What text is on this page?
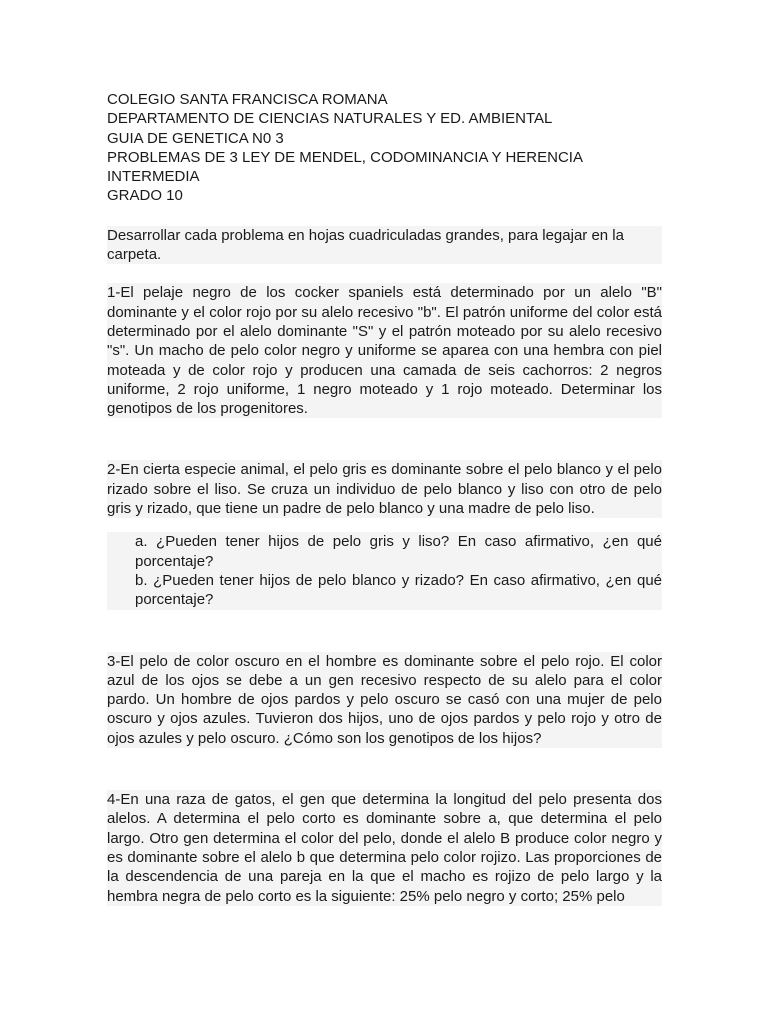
COLEGIO SANTA FRANCISCA ROMANA

DEPARTAMENTO DE CIENCIAS NATURALES Y ED. AMBIENTAL

GUIA DE GENETICA N0 3

PROBLEMAS DE 3 LEY DE MENDEL, CODOMINANCIA Y HERENCIA INTERMEDIA

GRADO 10

Desarrollar cada problema en hojas cuadriculadas grandes, para legajar en la carpeta.

1-El pelaje negro de los cocker spaniels está determinado por un alelo "B" dominante y el color rojo por su alelo recesivo "b". El patrón uniforme del color está determinado por el alelo dominante "S" y el patrón moteado por su alelo recesivo "s". Un macho de pelo color negro y uniforme se aparea con una hembra con piel moteada y de color rojo y producen una camada de seis cachorros: 2 negros uniforme, 2 rojo uniforme, 1 negro moteado y 1 rojo moteado. Determinar los genotipos de los progenitores.

2-En cierta especie animal, el pelo gris es dominante sobre el pelo blanco y el pelo rizado sobre el liso. Se cruza un individuo de pelo blanco y liso con otro de pelo gris y rizado, que tiene un padre de pelo blanco y una madre de pelo liso.

a. ¿Pueden tener hijos de pelo gris y liso? En caso afirmativo, ¿en qué porcentaje?

b. ¿Pueden tener hijos de pelo blanco y rizado? En caso afirmativo, ¿en qué porcentaje?

3-El pelo de color oscuro en el hombre es dominante sobre el pelo rojo. El color azul de los ojos se debe a un gen recesivo respecto de su alelo para el color pardo. Un hombre de ojos pardos y pelo oscuro se casó con una mujer de pelo oscuro y ojos azules. Tuvieron dos hijos, uno de ojos pardos y pelo rojo y otro de ojos azules y pelo oscuro. ¿Cómo son los genotipos de los hijos?

4-En una raza de gatos, el gen que determina la longitud del pelo presenta dos alelos. A determina el pelo corto es dominante sobre a, que determina el pelo largo. Otro gen determina el color del pelo, donde el alelo B produce color negro y es dominante sobre el alelo b que determina pelo color rojizo. Las proporciones de la descendencia de una pareja en la que el macho es rojizo de pelo largo y la hembra negra de pelo corto es la siguiente: 25% pelo negro y corto; 25% pelo
